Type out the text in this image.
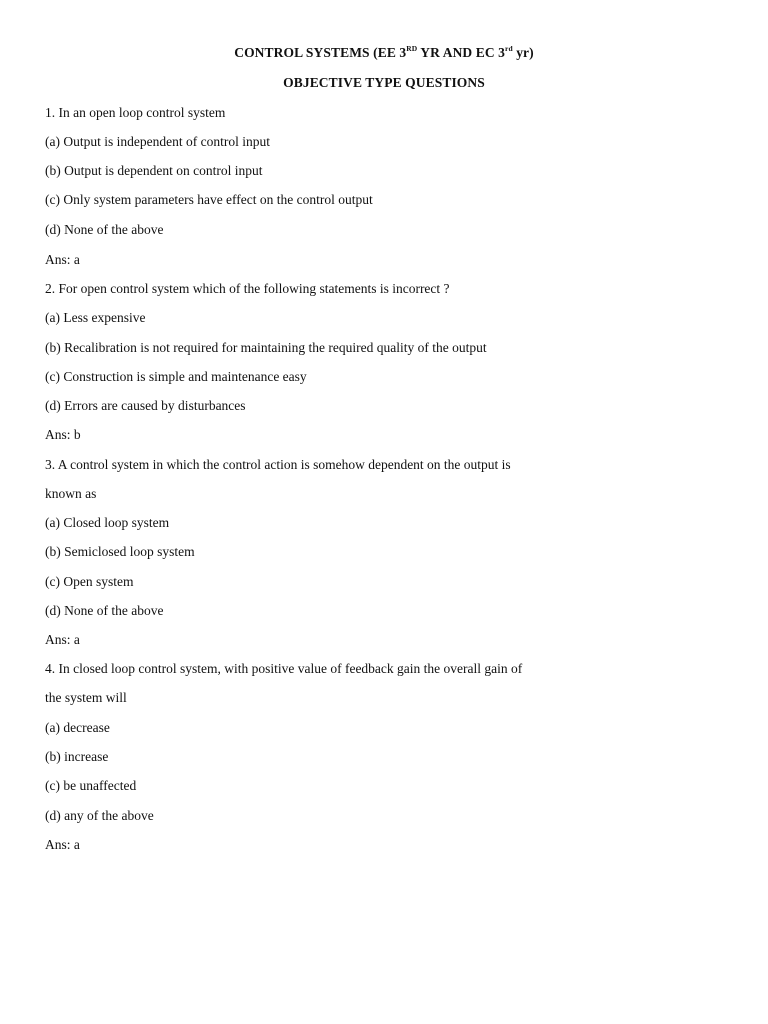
CONTROL SYSTEMS (EE 3RD YR AND EC 3rd yr)
OBJECTIVE TYPE QUESTIONS
1. In an open loop control system
(a) Output is independent of control input
(b) Output is dependent on control input
(c) Only system parameters have effect on the control output
(d) None of the above
Ans: a
2. For open control system which of the following statements is incorrect ?
(a) Less expensive
(b) Recalibration is not required for maintaining the required quality of the output
(c) Construction is simple and maintenance easy
(d) Errors are caused by disturbances
Ans: b
3. A control system in which the control action is somehow dependent on the output is
known as
(a) Closed loop system
(b) Semiclosed loop system
(c) Open system
(d) None of the above
Ans: a
4. In closed loop control system, with positive value of feedback gain the overall gain of
the system will
(a) decrease
(b) increase
(c) be unaffected
(d) any of the above
Ans: a
